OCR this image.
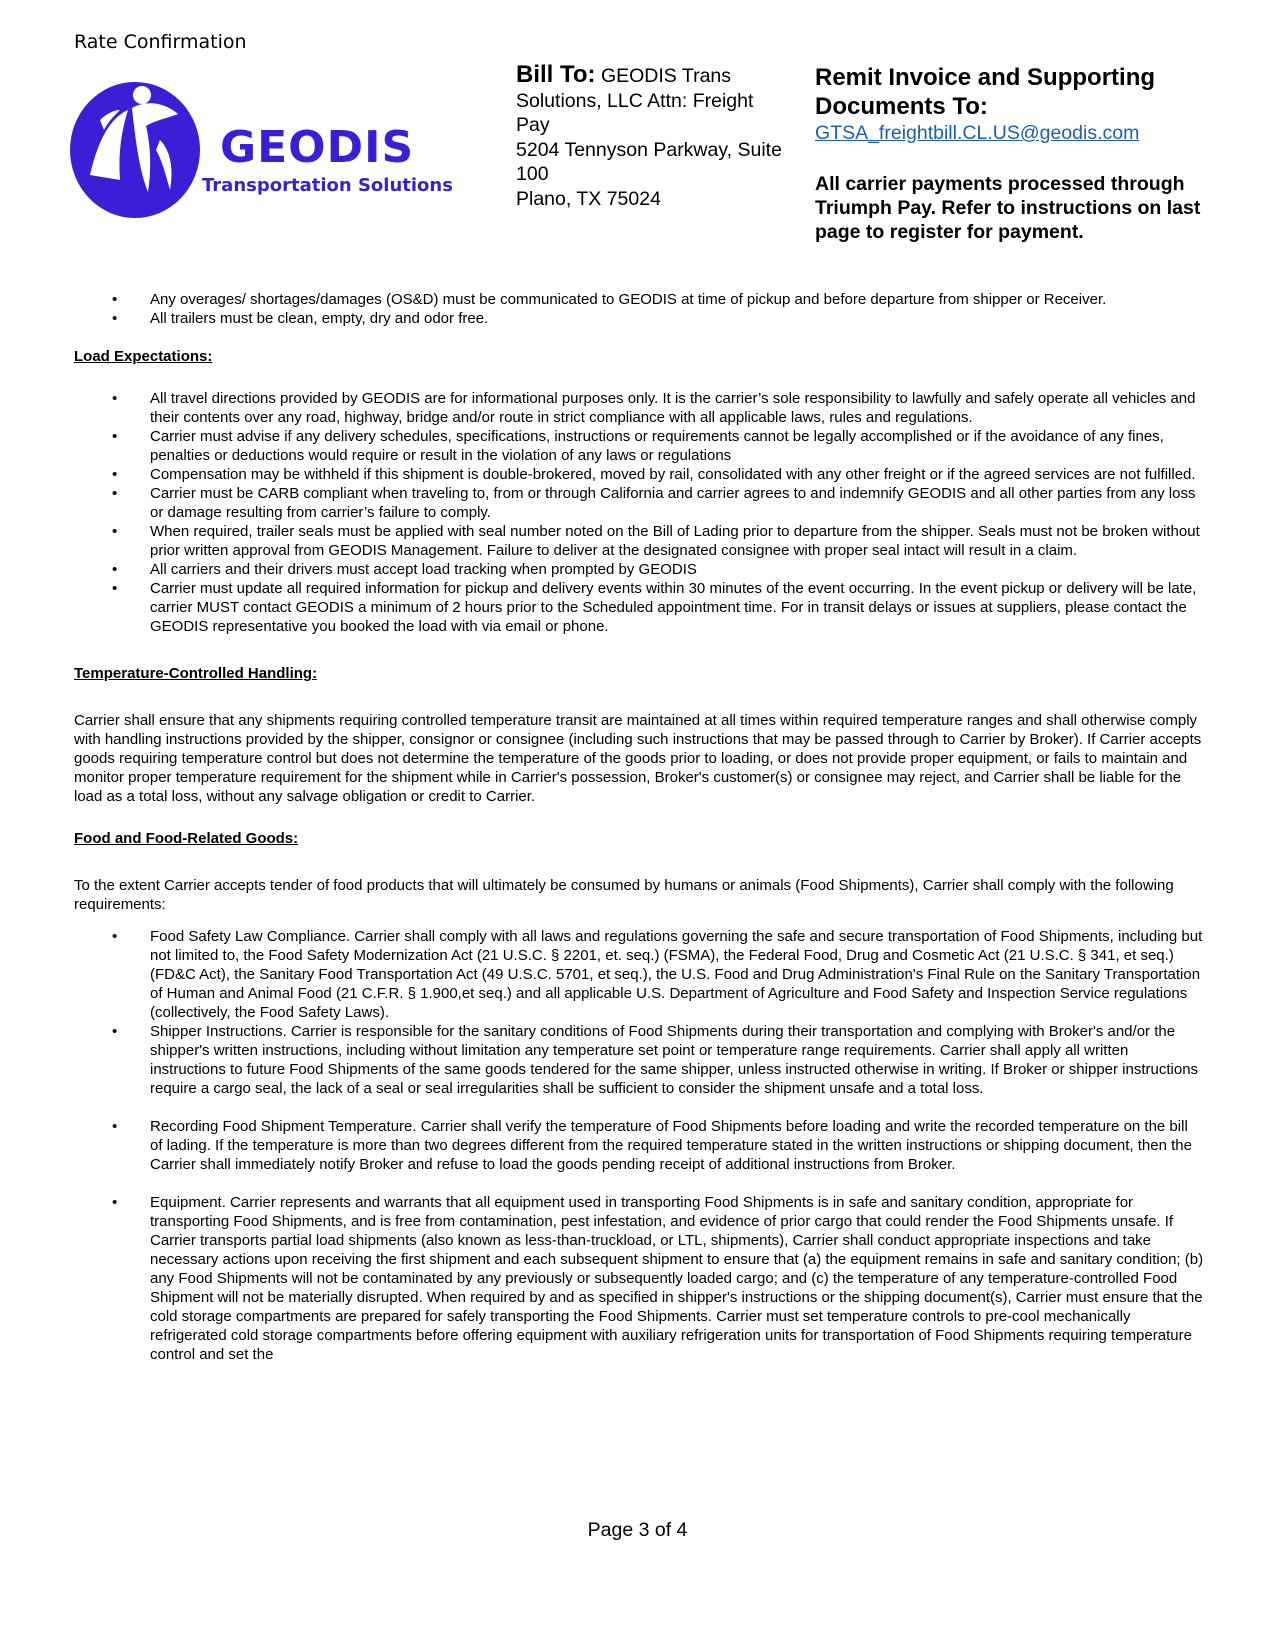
Rate Confirmation
GEODIS
Transportation Solutions
Bill To: GEODIS Trans Solutions, LLC Attn: Freight Pay
5204 Tennyson Parkway, Suite 100
Plano, TX 75024
Remit Invoice and Supporting Documents To:
GTSA_freightbill.CL.US@geodis.com
All carrier payments processed through Triumph Pay. Refer to instructions on last page to register for payment.
• Any overages/ shortages/damages (OS&D) must be communicated to GEODIS at time of pickup and before departure from shipper or Receiver.
• All trailers must be clean, empty, dry and odor free.
Load Expectations:
• All travel directions provided by GEODIS are for informational purposes only. It is the carrier’s sole responsibility to lawfully and safely operate all vehicles and their contents over any road, highway, bridge and/or route in strict compliance with all applicable laws, rules and regulations.
• Carrier must advise if any delivery schedules, specifications, instructions or requirements cannot be legally accomplished or if the avoidance of any fines, penalties or deductions would require or result in the violation of any laws or regulations
• Compensation may be withheld if this shipment is double-brokered, moved by rail, consolidated with any other freight or if the agreed services are not fulfilled.
• Carrier must be CARB compliant when traveling to, from or through California and carrier agrees to and indemnify GEODIS and all other parties from any loss or damage resulting from carrier’s failure to comply.
• When required, trailer seals must be applied with seal number noted on the Bill of Lading prior to departure from the shipper. Seals must not be broken without prior written approval from GEODIS Management. Failure to deliver at the designated consignee with proper seal intact will result in a claim.
• All carriers and their drivers must accept load tracking when prompted by GEODIS
• Carrier must update all required information for pickup and delivery events within 30 minutes of the event occurring. In the event pickup or delivery will be late, carrier MUST contact GEODIS a minimum of 2 hours prior to the Scheduled appointment time. For in transit delays or issues at suppliers, please contact the GEODIS representative you booked the load with via email or phone.
Temperature-Controlled Handling:

Carrier shall ensure that any shipments requiring controlled temperature transit are maintained at all times within required temperature ranges and shall otherwise comply with handling instructions provided by the shipper, consignor or consignee (including such instructions that may be passed through to Carrier by Broker). If Carrier accepts goods requiring temperature control but does not determine the temperature of the goods prior to loading, or does not provide proper equipment, or fails to maintain and monitor proper temperature requirement for the shipment while in Carrier's possession, Broker's customer(s) or consignee may reject, and Carrier shall be liable for the load as a total loss, without any salvage obligation or credit to Carrier.

Food and Food-Related Goods:

To the extent Carrier accepts tender of food products that will ultimately be consumed by humans or animals (Food Shipments), Carrier shall comply with the following requirements:

• Food Safety Law Compliance. Carrier shall comply with all laws and regulations governing the safe and secure transportation of Food Shipments, including but not limited to, the Food Safety Modernization Act (21 U.S.C. § 2201, et. seq.) (FSMA), the Federal Food, Drug and Cosmetic Act (21 U.S.C. § 341, et seq.) (FD&C Act), the Sanitary Food Transportation Act (49 U.S.C. 5701, et seq.), the U.S. Food and Drug Administration's Final Rule on the Sanitary Transportation of Human and Animal Food (21 C.F.R. § 1.900,et seq.) and all applicable U.S. Department of Agriculture and Food Safety and Inspection Service regulations (collectively, the Food Safety Laws).
• Shipper Instructions. Carrier is responsible for the sanitary conditions of Food Shipments during their transportation and complying with Broker's and/or the shipper's written instructions, including without limitation any temperature set point or temperature range requirements. Carrier shall apply all written instructions to future Food Shipments of the same goods tendered for the same shipper, unless instructed otherwise in writing. If Broker or shipper instructions require a cargo seal, the lack of a seal or seal irregularities shall be sufficient to consider the shipment unsafe and a total loss.
• Recording Food Shipment Temperature. Carrier shall verify the temperature of Food Shipments before loading and write the recorded temperature on the bill of lading. If the temperature is more than two degrees different from the required temperature stated in the written instructions or shipping document, then the Carrier shall immediately notify Broker and refuse to load the goods pending receipt of additional instructions from Broker.
• Equipment. Carrier represents and warrants that all equipment used in transporting Food Shipments is in safe and sanitary condition, appropriate for transporting Food Shipments, and is free from contamination, pest infestation, and evidence of prior cargo that could render the Food Shipments unsafe. If Carrier transports partial load shipments (also known as less-than-truckload, or LTL, shipments), Carrier shall conduct appropriate inspections and take necessary actions upon receiving the first shipment and each subsequent shipment to ensure that (a) the equipment remains in safe and sanitary condition; (b) any Food Shipments will not be contaminated by any previously or subsequently loaded cargo; and (c) the temperature of any temperature-controlled Food Shipment will not be materially disrupted. When required by and as specified in shipper's instructions or the shipping document(s), Carrier must ensure that the cold storage compartments are prepared for safely transporting the Food Shipments. Carrier must set temperature controls to pre-cool mechanically refrigerated cold storage compartments before offering equipment with auxiliary refrigeration units for transportation of Food Shipments requiring temperature control and set the
Page 3 of 4
